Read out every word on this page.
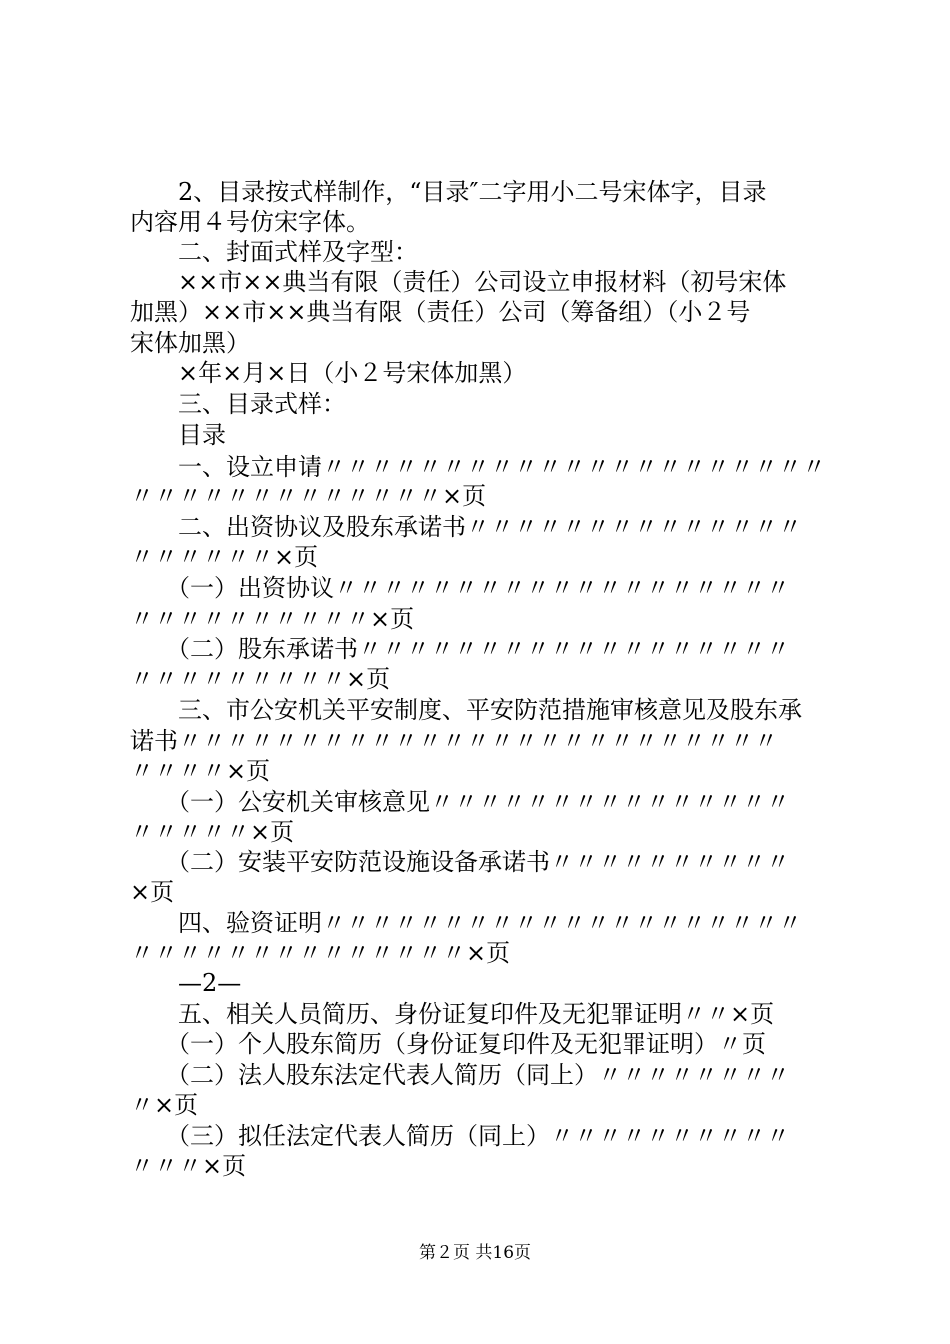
　　2、目录按式样制作，“目录″二字用小二号宋体字，目录
内容用４号仿宋字体。
　　二、封面式样及字型：
　　××市××典当有限（责任）公司设立申报材料（初号宋体
加黑）××市××典当有限（责任）公司（筹备组）（小２号
宋体加黑）
　　×年×月×日（小２号宋体加黑）
　　三、目录式样：
　　目录
　　一、设立申请〃〃〃〃〃〃〃〃〃〃〃〃〃〃〃〃〃〃〃〃〃
〃〃〃〃〃〃〃〃〃〃〃〃〃×页
　　二、出资协议及股东承诺书〃〃〃〃〃〃〃〃〃〃〃〃〃〃
〃〃〃〃〃〃×页
　　（一）出资协议〃〃〃〃〃〃〃〃〃〃〃〃〃〃〃〃〃〃〃
〃〃〃〃〃〃〃〃〃〃×页
　　（二）股东承诺书〃〃〃〃〃〃〃〃〃〃〃〃〃〃〃〃〃〃
〃〃〃〃〃〃〃〃〃×页
　　三、市公安机关平安制度、平安防范措施审核意见及股东承
诺书〃〃〃〃〃〃〃〃〃〃〃〃〃〃〃〃〃〃〃〃〃〃〃〃〃
〃〃〃〃×页
　　（一）公安机关审核意见〃〃〃〃〃〃〃〃〃〃〃〃〃〃〃
〃〃〃〃〃×页
　　（二）安装平安防范设施设备承诺书〃〃〃〃〃〃〃〃〃〃
×页
　　四、验资证明〃〃〃〃〃〃〃〃〃〃〃〃〃〃〃〃〃〃〃〃
〃〃〃〃〃〃〃〃〃〃〃〃〃〃×页
　　—2—
　　五、相关人员简历、身份证复印件及无犯罪证明〃〃×页
　　（一）个人股东简历（身份证复印件及无犯罪证明）〃页
　　（二）法人股东法定代表人简历（同上）〃〃〃〃〃〃〃〃
〃×页
　　（三）拟任法定代表人简历（同上）〃〃〃〃〃〃〃〃〃〃
〃〃〃×页
第２页 共16页
